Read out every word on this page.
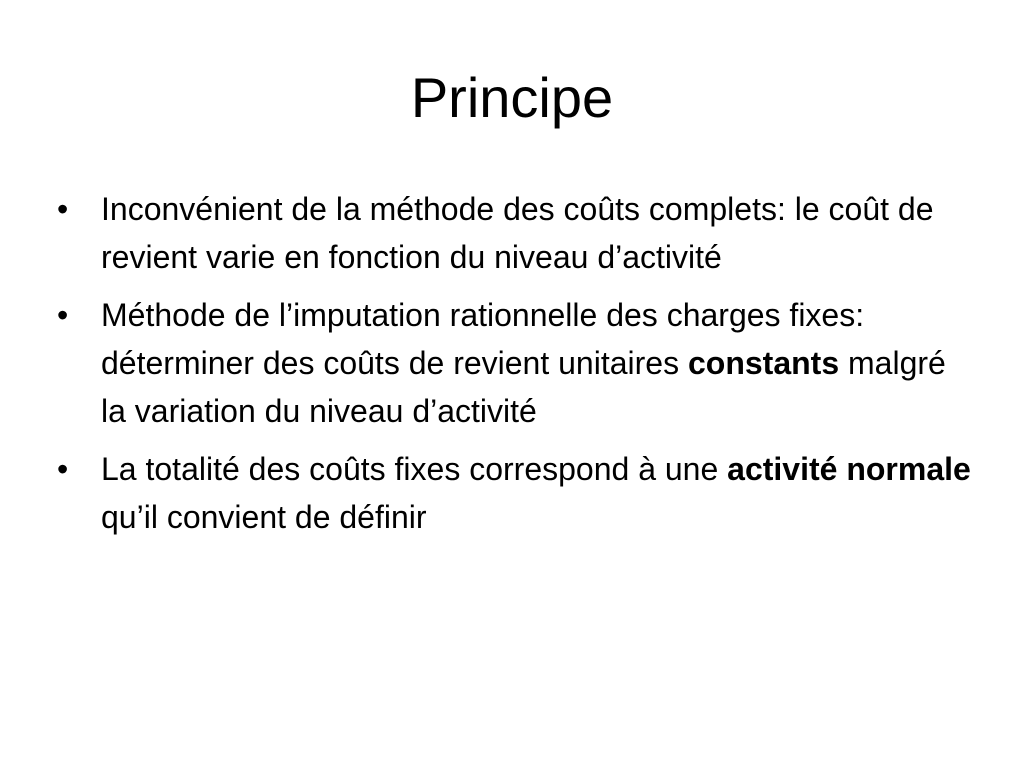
Principe
• Inconvénient de la méthode des coûts complets: le coût de revient varie en fonction du niveau d’activité
• Méthode de l’imputation rationnelle des charges fixes: déterminer des coûts de revient unitaires constants malgré la variation du niveau d’activité
• La totalité des coûts fixes correspond à une activité normale qu’il convient de définir
